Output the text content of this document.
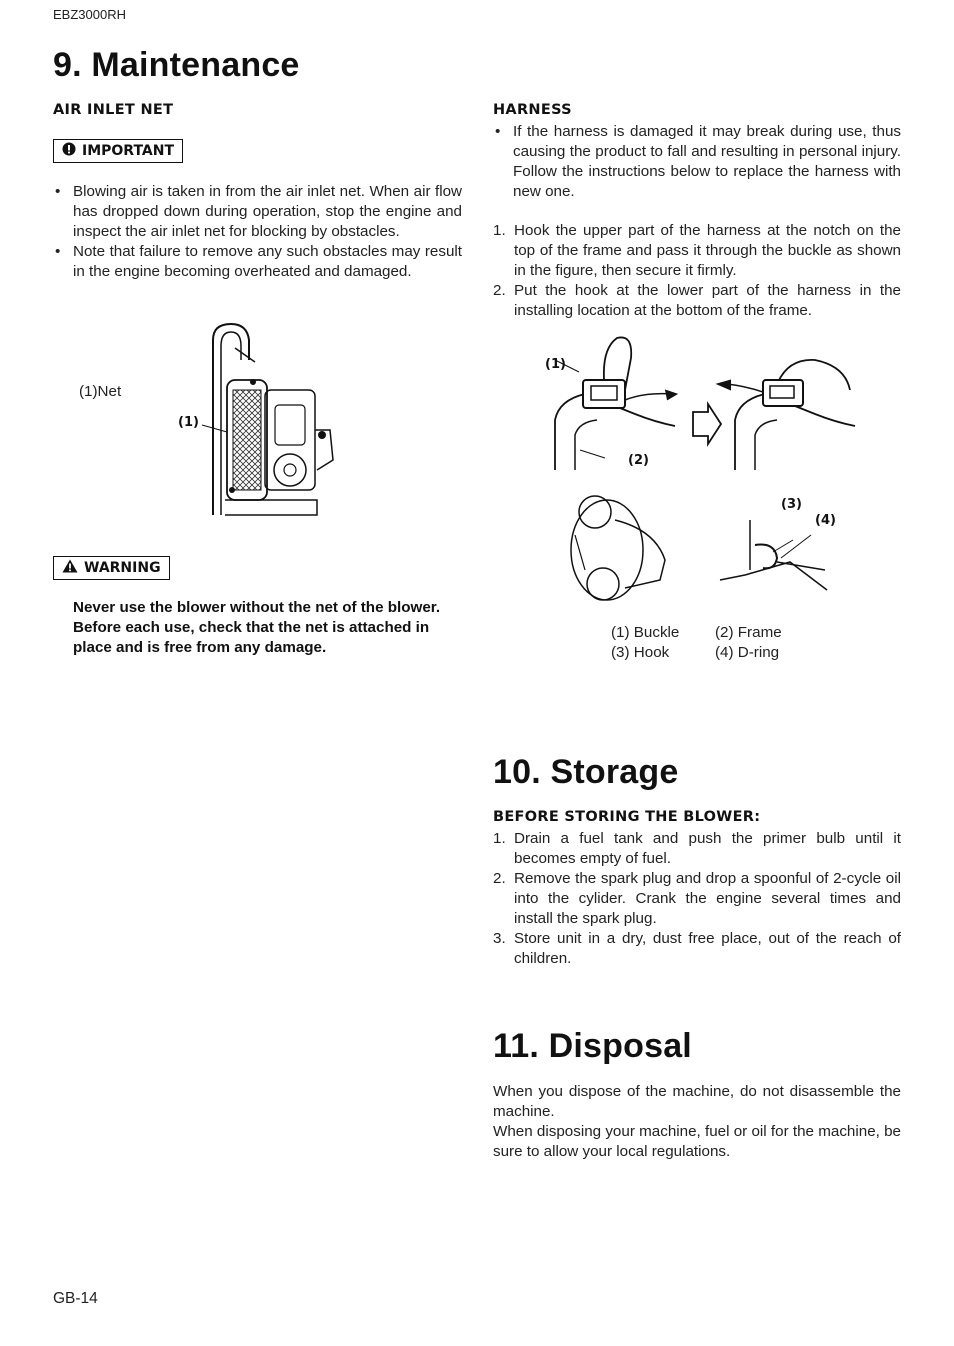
EBZ3000RH
9. Maintenance
AIR INLET NET
IMPORTANT
• Blowing air is taken in from the air inlet net. When air flow has dropped down during operation, stop the engine and inspect the air inlet net for blocking by obstacles.
• Note that failure to remove any such obstacles may result in the engine becoming overheated and damaged.
(1)Net
(1)
WARNING
Never use the blower without the net of the blower. Before each use, check that the net is attached in place and is free from any damage.
HARNESS
• If the harness is damaged it may break during use, thus causing the product to fall and resulting in personal injury. Follow the instructions below to replace the harness with new one.
1. Hook the upper part of the harness at the notch on the top of the frame and pass it through the buckle as shown in the figure, then secure it firmly.
2. Put the hook at the lower part of the harness in the installing location at the bottom of the frame.
(1)
(2)
(3)
(4)
(1) Buckle	(2) Frame
(3) Hook	(4) D-ring
10. Storage
BEFORE STORING THE BLOWER:
1. Drain a fuel tank and push the primer bulb until it becomes empty of fuel.
2. Remove the spark plug and drop a spoonful of 2-cycle oil into the cylider. Crank the engine several times and install the spark plug.
3. Store unit in a dry, dust free place, out of the reach of children.
11. Disposal
When you dispose of the machine, do not disassemble the machine.
When disposing your machine, fuel or oil for the machine, be sure to allow your local regulations.
GB-14
